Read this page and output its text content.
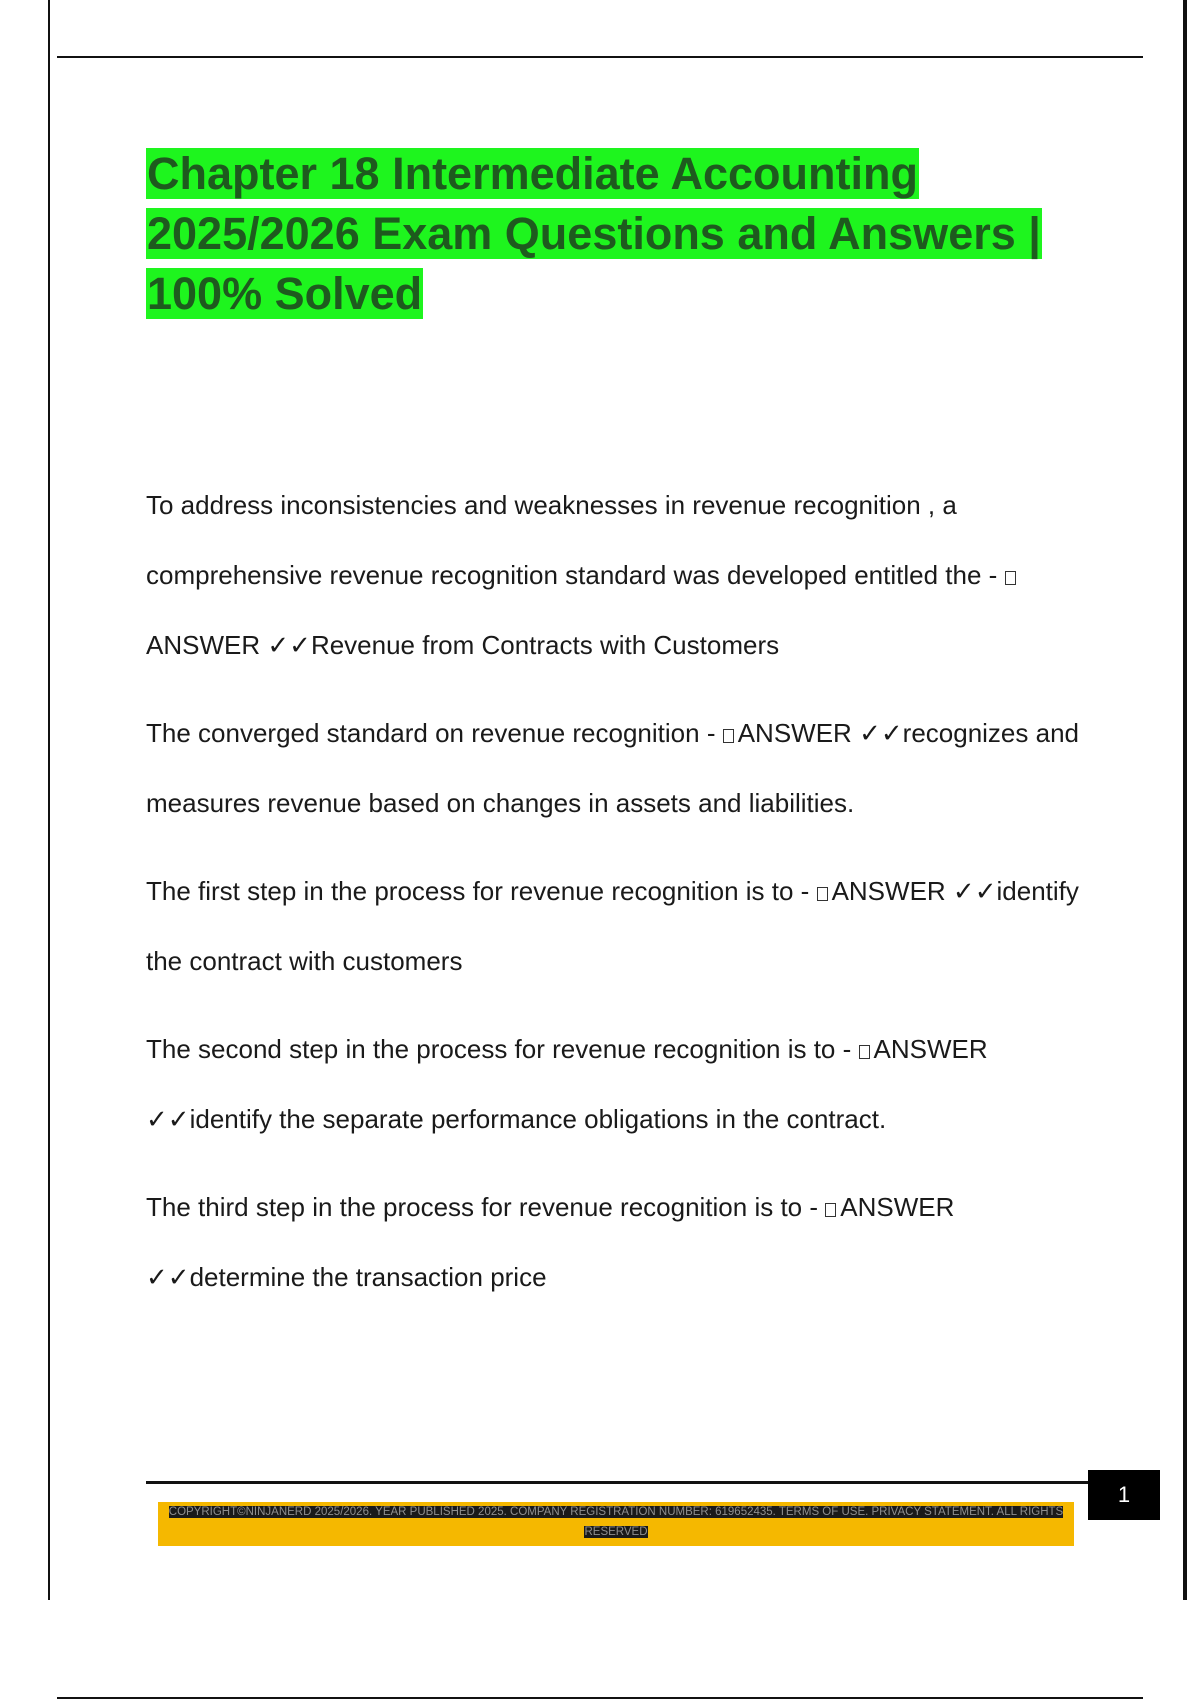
Chapter 18 Intermediate Accounting 2025/2026 Exam Questions and Answers | 100% Solved

To address inconsistencies and weaknesses in revenue recognition , a comprehensive revenue recognition standard was developed entitled the - ANSWER ✓✓Revenue from Contracts with Customers

The converged standard on revenue recognition - ANSWER ✓✓recognizes and measures revenue based on changes in assets and liabilities.

The first step in the process for revenue recognition is to - ANSWER ✓✓identify the contract with customers

The second step in the process for revenue recognition is to - ANSWER ✓✓identify the separate performance obligations in the contract.

The third step in the process for revenue recognition is to - ANSWER ✓✓determine the transaction price

1
COPYRIGHT©NINJANERD 2025/2026. YEAR PUBLISHED 2025. COMPANY REGISTRATION NUMBER: 619652435. TERMS OF USE. PRIVACY STATEMENT. ALL RIGHTS RESERVED
